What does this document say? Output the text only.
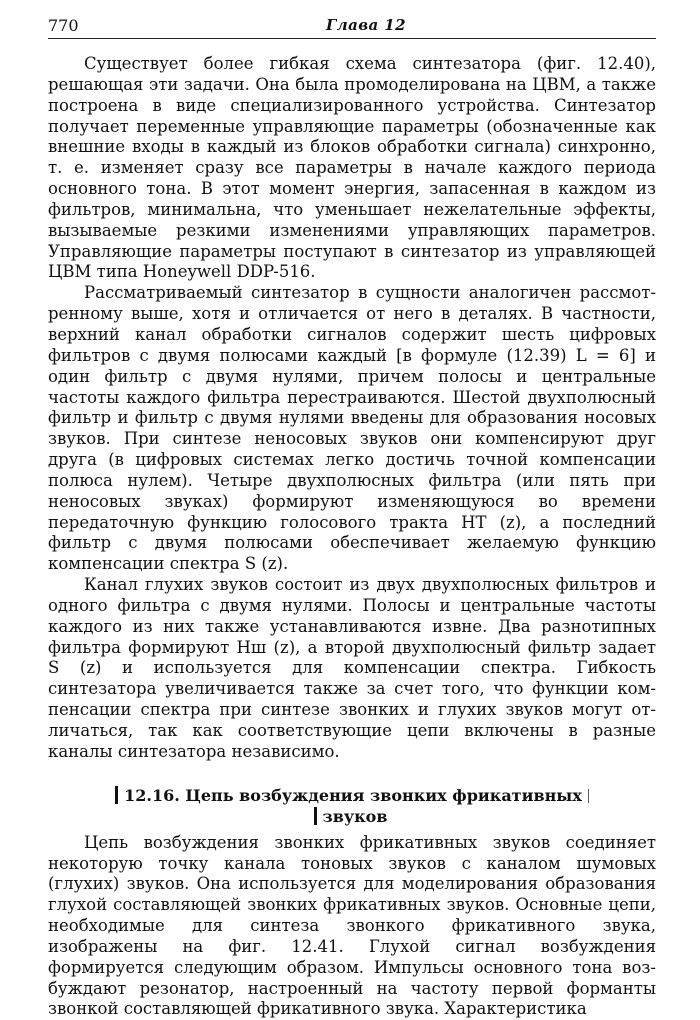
770	Глава 12

Существует более гибкая схема синтезатора (фиг. 12.40), решающая эти задачи. Она была промоделирована на ЦВМ, а также построена в виде специализированного устройства. Синтезатор получает переменные управляющие параметры (обозначенные как внешние входы в каждый из блоков обработки сигнала) синхронно, т. е. изменяет сразу все параметры в начале каждого периода основного тона. В этот момент энергия, запасенная в каждом из фильтров, минимальна, что уменьшает нежелательные эффекты, вызываемые резкими изменениями управляющих параметров. Управляющие параметры поступают в синтезатор из управляющей ЦВМ типа Honeywell DDP-516.

Рассматриваемый синтезатор в сущности аналогичен рассмотренному выше, хотя и отличается от него в деталях. В частности, верхний канал обработки сигналов содержит шесть цифровых фильтров с двумя полюсами каждый [в формуле (12.39) L = 6] и один фильтр с двумя нулями, причем полосы и центральные частоты каждого фильтра перестраиваются. Шестой двухполюсный фильтр и фильтр с двумя нулями введены для образования носовых звуков. При синтезе неносовых звуков они компенсируют друг друга (в цифровых системах легко достичь точной компенсации полюса нулем). Четыре двухполюсных фильтра (или пять при неносовых звуках) формируют изменяющуюся во времени передаточную функцию голосового тракта HT (z), а последний фильтр с двумя полюсами обеспечивает желаемую функцию компенсации спектра S (z).

Канал глухих звуков состоит из двух двухполюсных фильтров и одного фильтра с двумя нулями. Полосы и центральные частоты каждого из них также устанавливаются извне. Два разнотипных фильтра формируют Hш (z), а второй двухполюсный фильтр задает S (z) и используется для компенсации спектра. Гибкость синтезатора увеличивается также за счет того, что функции компенсации спектра при синтезе звонких и глухих звуков могут отличаться, так как соответствующие цепи включены в разные каналы синтезатора независимо.

12.16. Цепь возбуждения звонких фрикативных
звуков

Цепь возбуждения звонких фрикативных звуков соединяет некоторую точку канала тоновых звуков с каналом шумовых (глухих) звуков. Она используется для моделирования образования глухой составляющей звонких фрикативных звуков. Основные цепи, необходимые для синтеза звонкого фрикативного звука, изображены на фиг. 12.41. Глухой сигнал возбуждения формируется следующим образом. Импульсы основного тона возбуждают резонатор, настроенный на частоту первой форманты звонкой составляющей фрикативного звука. Характеристика
